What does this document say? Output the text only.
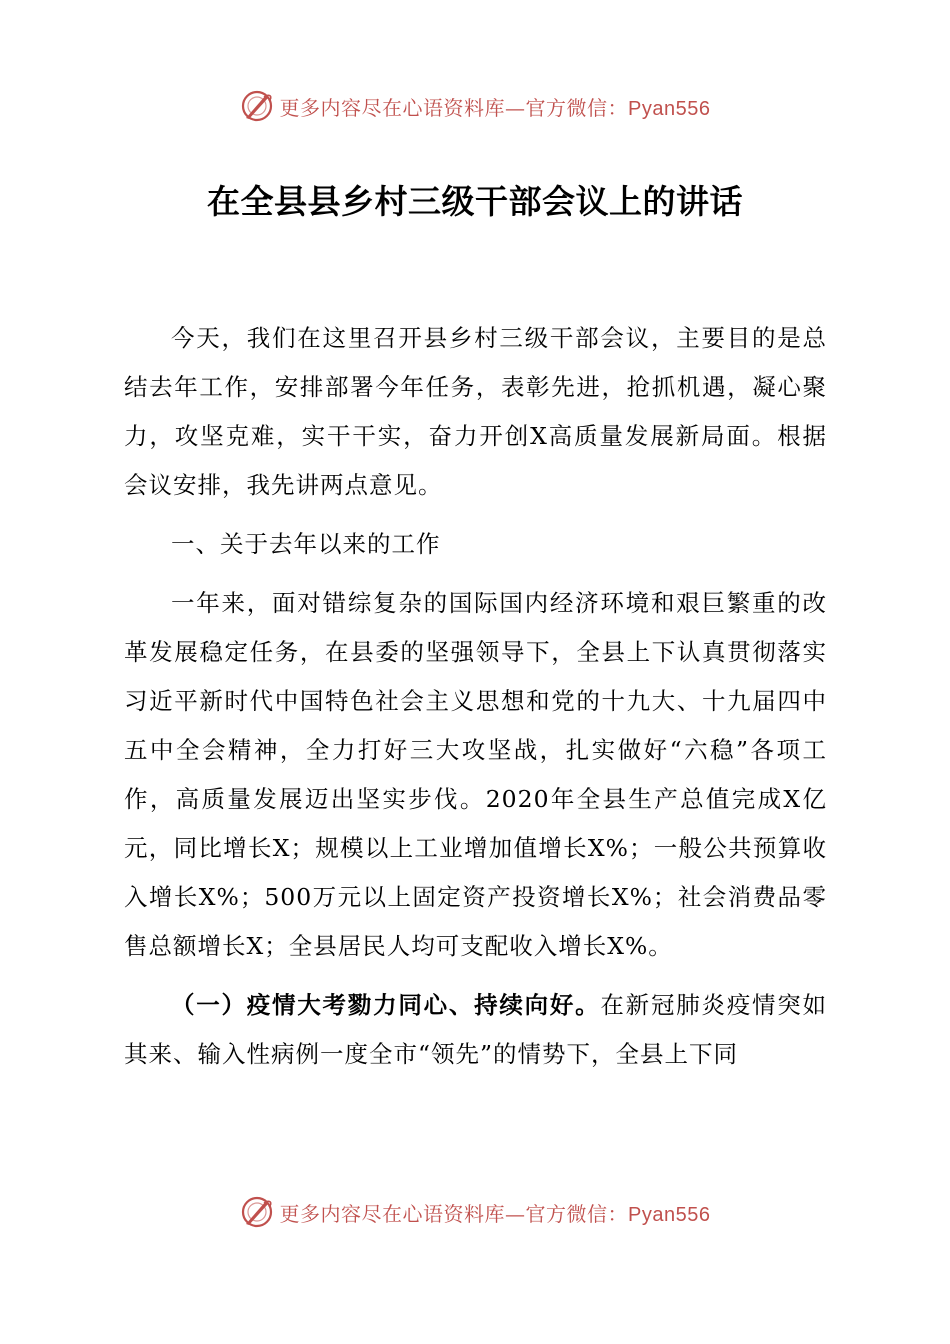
更多内容尽在心语资料库—官方微信：Pyan556
在全县县乡村三级干部会议上的讲话

今天，我们在这里召开县乡村三级干部会议，主要目的是总结去年工作，安排部署今年任务，表彰先进，抢抓机遇，凝心聚力，攻坚克难，实干干实，奋力开创X高质量发展新局面。根据会议安排，我先讲两点意见。

一、关于去年以来的工作

一年来，面对错综复杂的国际国内经济环境和艰巨繁重的改革发展稳定任务，在县委的坚强领导下，全县上下认真贯彻落实习近平新时代中国特色社会主义思想和党的十九大、十九届四中五中全会精神，全力打好三大攻坚战，扎实做好“六稳”各项工作，高质量发展迈出坚实步伐。2020年全县生产总值完成X亿元，同比增长X；规模以上工业增加值增长X%；一般公共预算收入增长X%；500万元以上固定资产投资增长X%；社会消费品零售总额增长X；全县居民人均可支配收入增长X%。

（一）疫情大考勠力同心、持续向好。在新冠肺炎疫情突如其来、输入性病例一度全市“领先”的情势下，全县上下同

更多内容尽在心语资料库—官方微信：Pyan556
